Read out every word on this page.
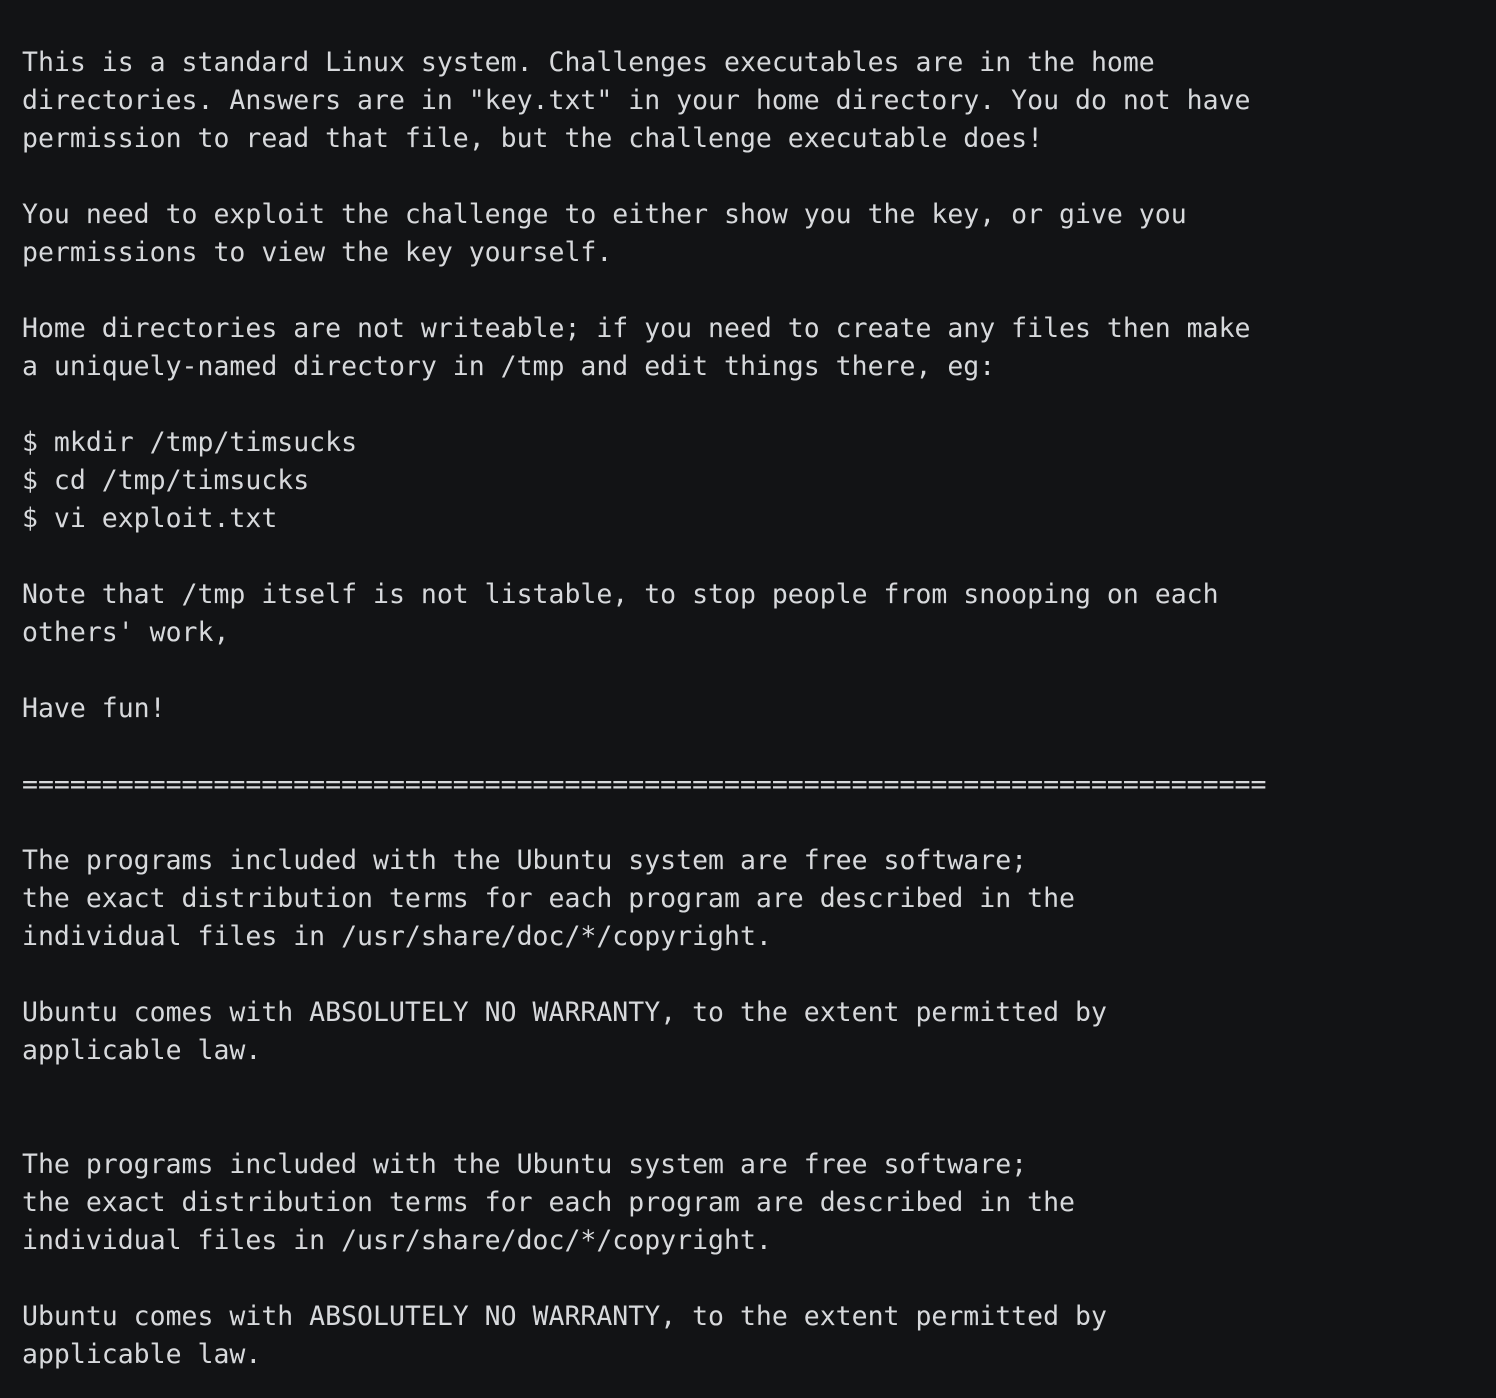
This is a standard Linux system. Challenges executables are in the home
directories. Answers are in "key.txt" in your home directory. You do not have
permission to read that file, but the challenge executable does!
You need to exploit the challenge to either show you the key, or give you
permissions to view the key yourself.
Home directories are not writeable; if you need to create any files then make
a uniquely-named directory in /tmp and edit things there, eg:
$ mkdir /tmp/timsucks
$ cd /tmp/timsucks
$ vi exploit.txt
Note that /tmp itself is not listable, to stop people from snooping on each
others' work,
Have fun!
==============================================================================
The programs included with the Ubuntu system are free software;
the exact distribution terms for each program are described in the
individual files in /usr/share/doc/*/copyright.
Ubuntu comes with ABSOLUTELY NO WARRANTY, to the extent permitted by
applicable law.
The programs included with the Ubuntu system are free software;
the exact distribution terms for each program are described in the
individual files in /usr/share/doc/*/copyright.
Ubuntu comes with ABSOLUTELY NO WARRANTY, to the extent permitted by
applicable law.
